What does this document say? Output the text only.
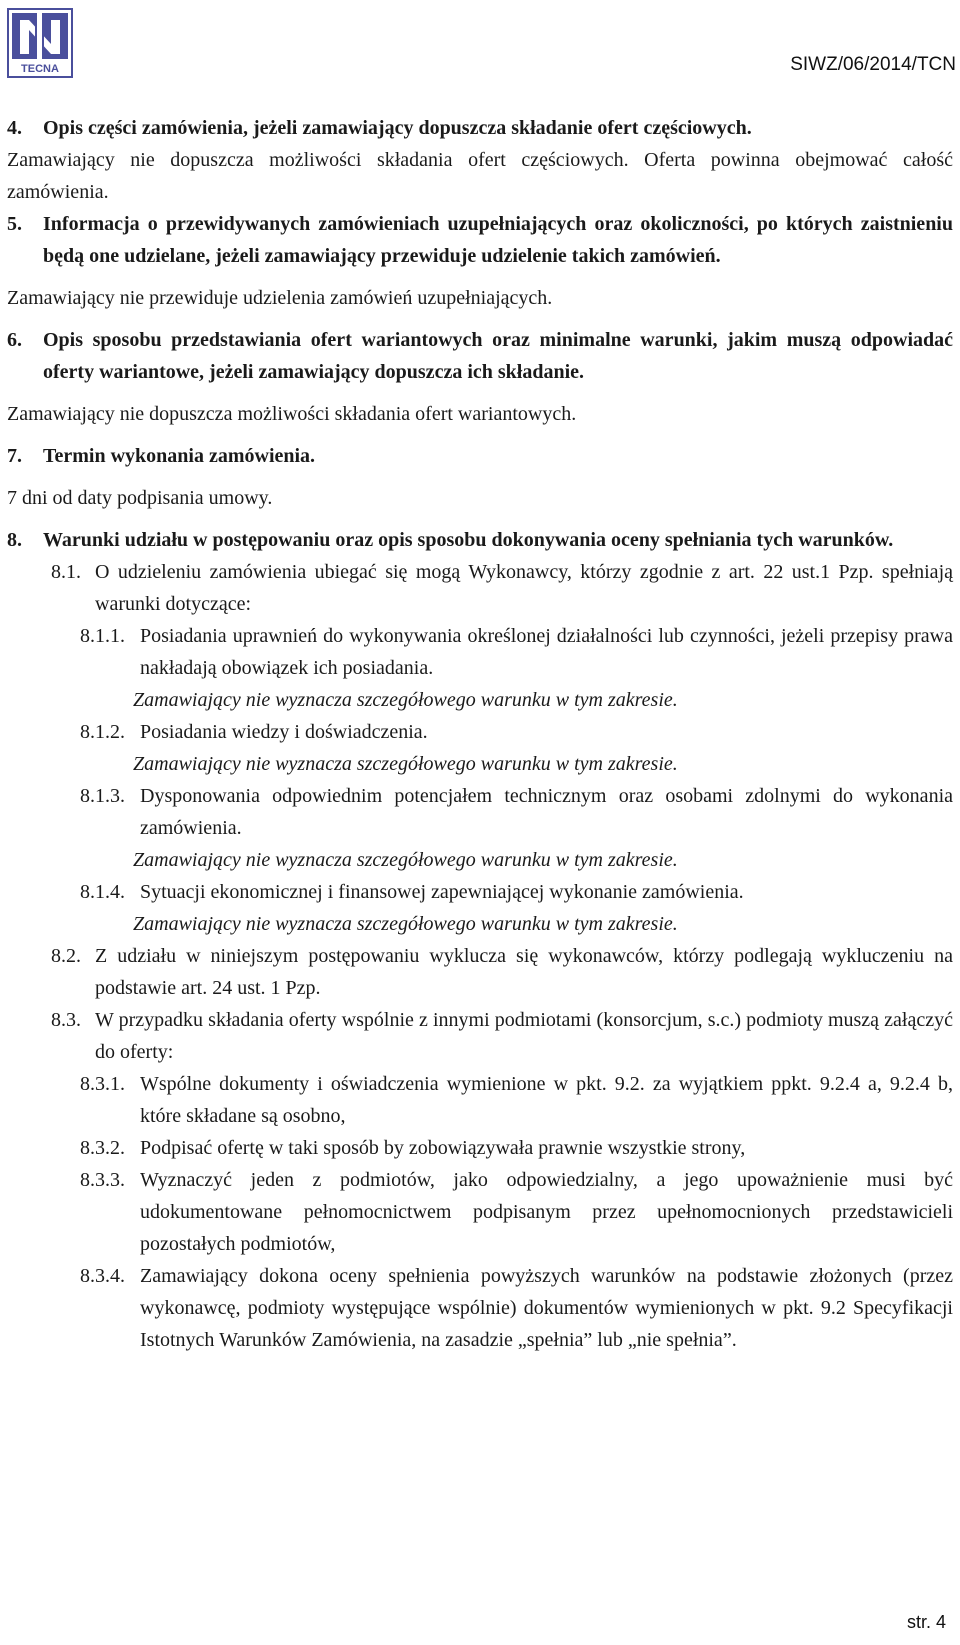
TECNA	SIWZ/06/2014/TCN
4.	Opis części zamówienia, jeżeli zamawiający dopuszcza składanie ofert częściowych.
Zamawiający nie dopuszcza możliwości składania ofert częściowych. Oferta powinna obejmować całość zamówienia.
5.	Informacja o przewidywanych zamówieniach uzupełniających oraz okoliczności, po których zaistnieniu będą one udzielane, jeżeli zamawiający przewiduje udzielenie takich zamówień.
Zamawiający nie przewiduje udzielenia zamówień uzupełniających.
6.	Opis sposobu przedstawiania ofert wariantowych oraz minimalne warunki, jakim muszą odpowiadać oferty wariantowe, jeżeli zamawiający dopuszcza ich składanie.
Zamawiający nie dopuszcza możliwości składania ofert wariantowych.
7.	Termin wykonania zamówienia.
7 dni od daty podpisania umowy.
8.	Warunki udziału w postępowaniu oraz opis sposobu dokonywania oceny spełniania tych warunków.
8.1. O udzieleniu zamówienia ubiegać się mogą Wykonawcy, którzy zgodnie z art. 22 ust.1 Pzp. spełniają warunki dotyczące:
8.1.1. Posiadania uprawnień do wykonywania określonej działalności lub czynności, jeżeli przepisy prawa nakładają obowiązek ich posiadania.
Zamawiający nie wyznacza szczegółowego warunku w tym zakresie.
8.1.2. Posiadania wiedzy i doświadczenia.
Zamawiający nie wyznacza szczegółowego warunku w tym zakresie.
8.1.3. Dysponowania odpowiednim potencjałem technicznym oraz osobami zdolnymi do wykonania zamówienia.
Zamawiający nie wyznacza szczegółowego warunku w tym zakresie.
8.1.4. Sytuacji ekonomicznej i finansowej zapewniającej wykonanie zamówienia.
Zamawiający nie wyznacza szczegółowego warunku w tym zakresie.
8.2. Z udziału w niniejszym postępowaniu wyklucza się wykonawców, którzy podlegają wykluczeniu na podstawie art. 24 ust. 1 Pzp.
8.3. W przypadku składania oferty wspólnie z innymi podmiotami (konsorcjum, s.c.) podmioty muszą załączyć do oferty:
8.3.1. Wspólne dokumenty i oświadczenia wymienione w pkt. 9.2. za wyjątkiem ppkt. 9.2.4 a, 9.2.4 b, które składane są osobno,
8.3.2. Podpisać ofertę w taki sposób by zobowiązywała prawnie wszystkie strony,
8.3.3. Wyznaczyć jeden z podmiotów, jako odpowiedzialny, a jego upoważnienie musi być udokumentowane pełnomocnictwem podpisanym przez upełnomocnionych przedstawicieli pozostałych podmiotów,
8.3.4. Zamawiający dokona oceny spełnienia powyższych warunków na podstawie złożonych (przez wykonawcę, podmioty występujące wspólnie) dokumentów wymienionych w pkt. 9.2 Specyfikacji Istotnych Warunków Zamówienia, na zasadzie „spełnia” lub „nie spełnia”.
str. 4
